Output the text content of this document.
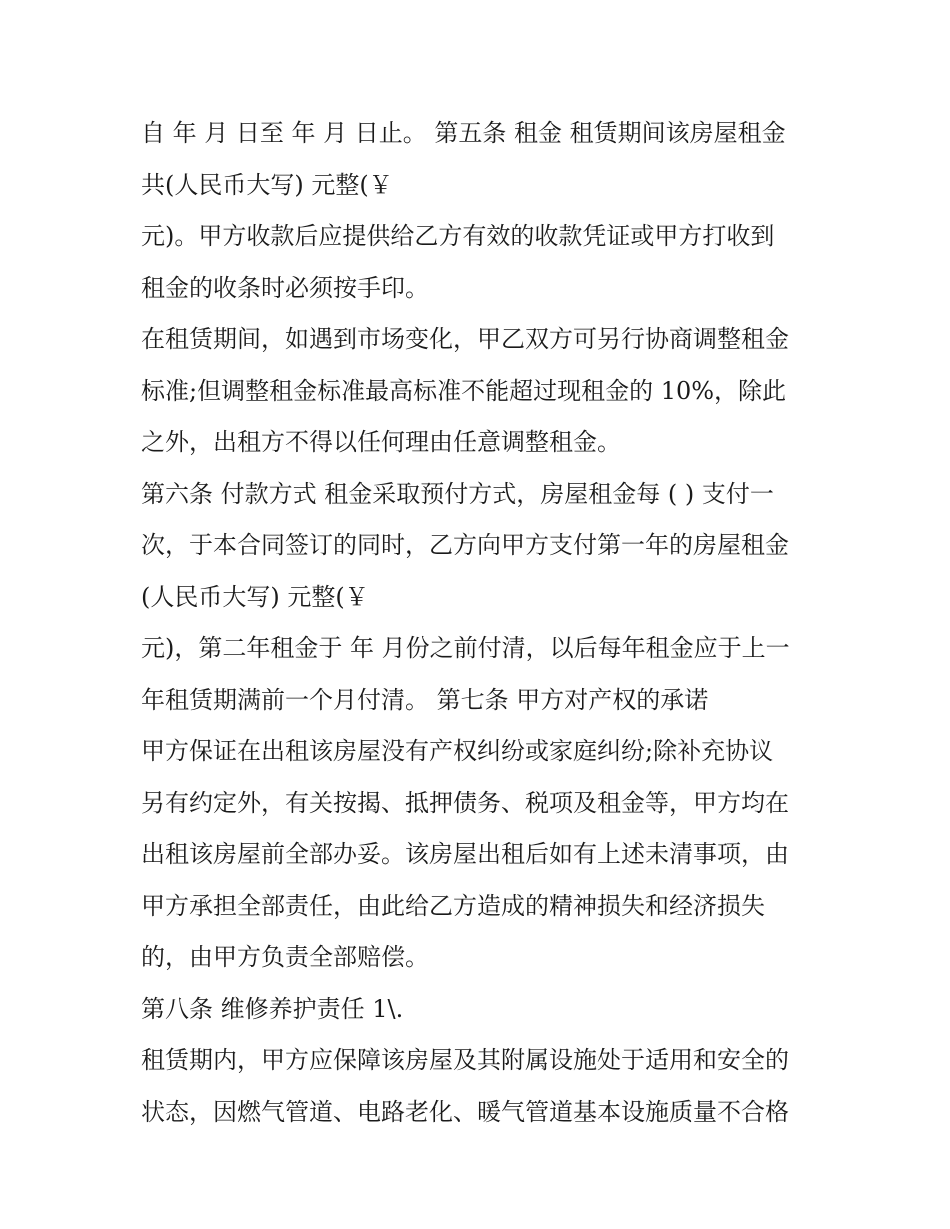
自 年 月 日至 年 月 日止。 第五条 租金 租赁期间该房屋租金
共(人民币大写) 元整(￥
元)。甲方收款后应提供给乙方有效的收款凭证或甲方打收到
租金的收条时必须按手印。
在租赁期间，如遇到市场变化，甲乙双方可另行协商调整租金
标准;但调整租金标准最高标准不能超过现租金的 10%，除此
之外，出租方不得以任何理由任意调整租金。
第六条 付款方式 租金采取预付方式，房屋租金每 ( ) 支付一
次，于本合同签订的同时，乙方向甲方支付第一年的房屋租金
(人民币大写) 元整(￥
元)，第二年租金于 年 月份之前付清，以后每年租金应于上一
年租赁期满前一个月付清。 第七条 甲方对产权的承诺
甲方保证在出租该房屋没有产权纠纷或家庭纠纷;除补充协议
另有约定外，有关按揭、抵押债务、税项及租金等，甲方均在
出租该房屋前全部办妥。该房屋出租后如有上述未清事项，由
甲方承担全部责任，由此给乙方造成的精神损失和经济损失
的，由甲方负责全部赔偿。
第八条 维修养护责任 1\.
租赁期内，甲方应保障该房屋及其附属设施处于适用和安全的
状态，因燃气管道、电路老化、暖气管道基本设施质量不合格
